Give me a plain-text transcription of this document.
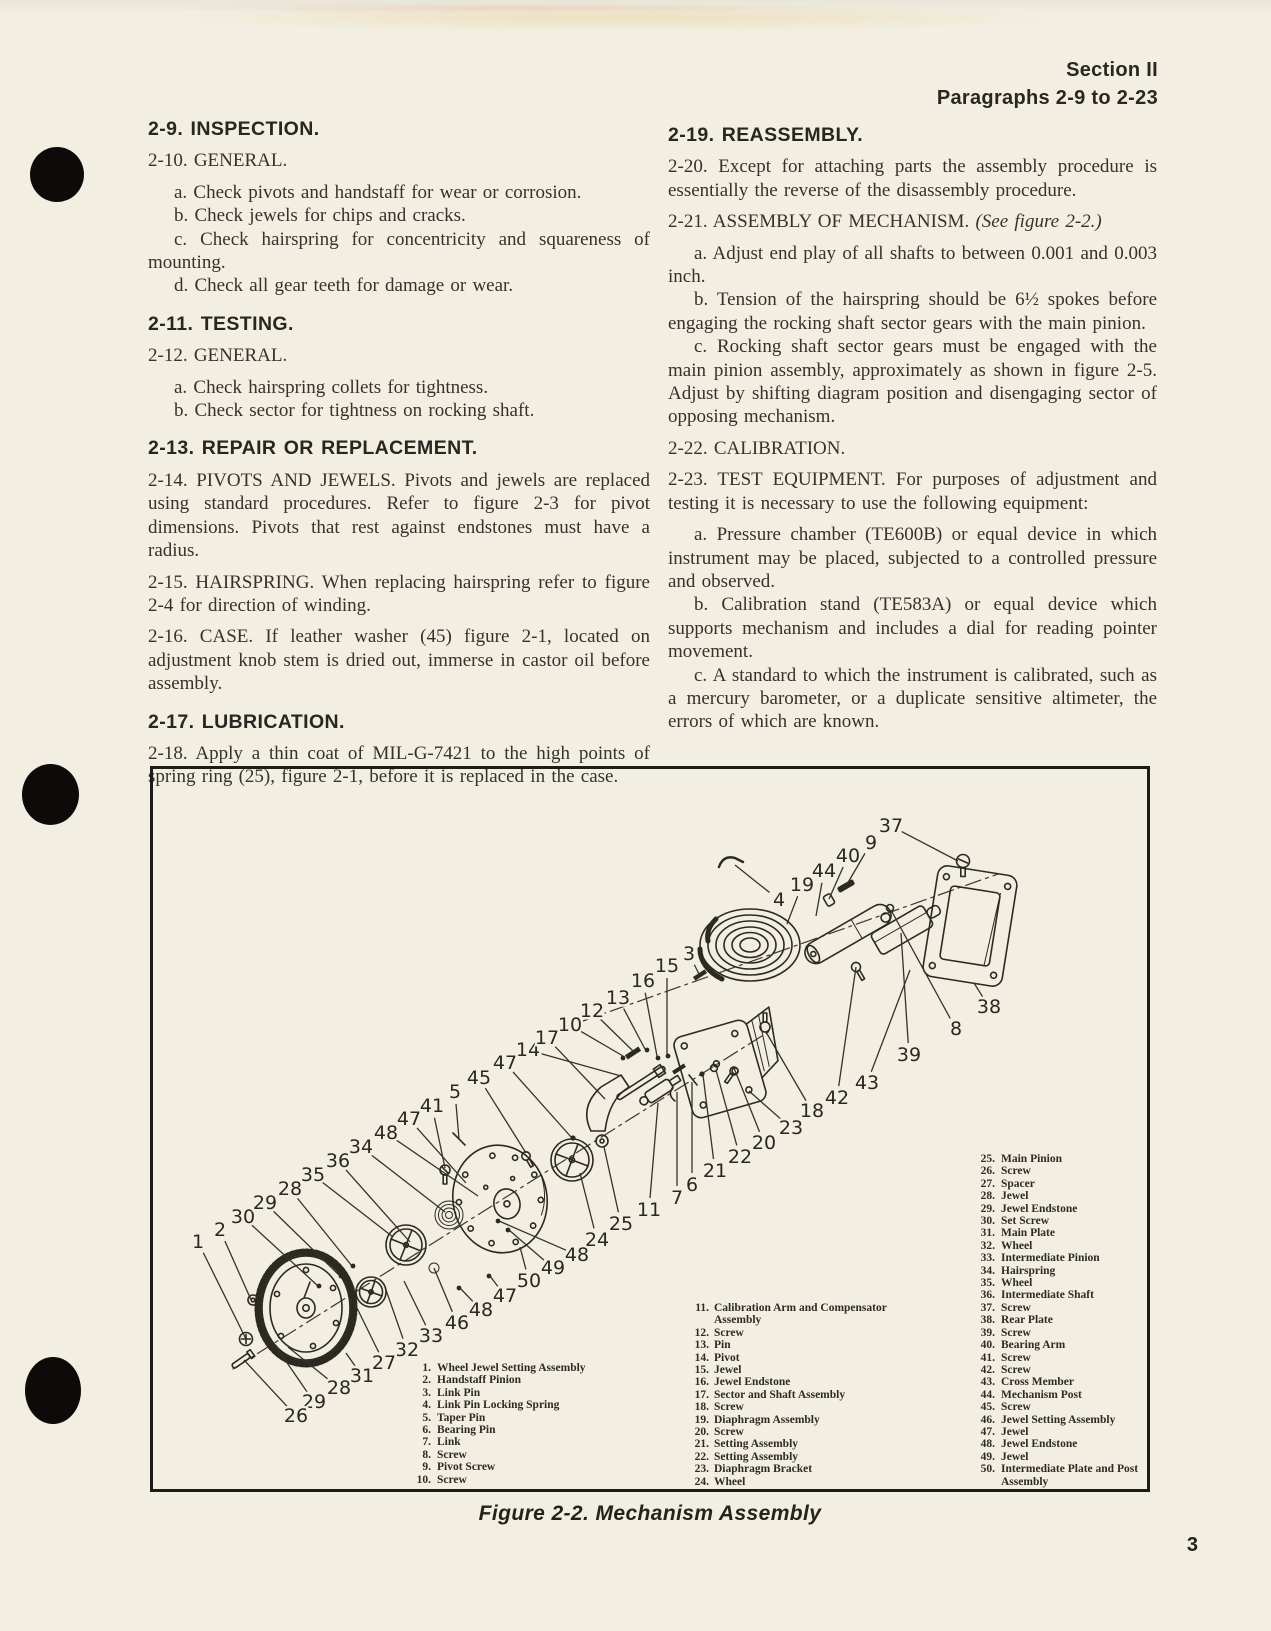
Section II
Paragraphs 2-9 to 2-23
2-9. INSPECTION.
2-10. GENERAL.
a. Check pivots and handstaff for wear or corrosion.
b. Check jewels for chips and cracks.
c. Check hairspring for concentricity and squareness of mounting.
d. Check all gear teeth for damage or wear.
2-11. TESTING.
2-12. GENERAL.
a. Check hairspring collets for tightness.
b. Check sector for tightness on rocking shaft.
2-13. REPAIR OR REPLACEMENT.
2-14. PIVOTS AND JEWELS. Pivots and jewels are replaced using standard procedures. Refer to figure 2-3 for pivot dimensions. Pivots that rest against endstones must have a radius.
2-15. HAIRSPRING. When replacing hairspring refer to figure 2-4 for direction of winding.
2-16. CASE. If leather washer (45) figure 2-1, located on adjustment knob stem is dried out, immerse in castor oil before assembly.
2-17. LUBRICATION.
2-18. Apply a thin coat of MIL-G-7421 to the high points of spring ring (25), figure 2-1, before it is replaced in the case.
2-19. REASSEMBLY.
2-20. Except for attaching parts the assembly procedure is essentially the reverse of the disassembly procedure.
2-21. ASSEMBLY OF MECHANISM. (See figure 2-2.)
a. Adjust end play of all shafts to between 0.001 and 0.003 inch.
b. Tension of the hairspring should be 6½ spokes before engaging the rocking shaft sector gears with the main pinion.
c. Rocking shaft sector gears must be engaged with the main pinion assembly, approximately as shown in figure 2-5. Adjust by shifting diagram position and disengaging sector of opposing mechanism.
2-22. CALIBRATION.
2-23. TEST EQUIPMENT. For purposes of adjustment and testing it is necessary to use the following equipment:
a. Pressure chamber (TE600B) or equal device in which instrument may be placed, subjected to a controlled pressure and observed.
b. Calibration stand (TE583A) or equal device which supports mechanism and includes a dial for reading pointer movement.
c. A standard to which the instrument is calibrated, such as a mercury barometer, or a duplicate sensitive altimeter, the errors of which are known.
1
2
30
29
28
35
36
34
48
47
41
5
45
47
14
17
10
12
13
16
15
3
4
19
44
40
9
37
38
8
39
43
42
18
23
20
22
21
6
7
11
25
24
48
49
50
47
48
46
33
32
27
31
28
29
26
1. Wheel Jewel Setting Assembly
2. Handstaff Pinion
3. Link Pin
4. Link Pin Locking Spring
5. Taper Pin
6. Bearing Pin
7. Link
8. Screw
9. Pivot Screw
10. Screw
11. Calibration Arm and Compensator Assembly
12. Screw
13. Pin
14. Pivot
15. Jewel
16. Jewel Endstone
17. Sector and Shaft Assembly
18. Screw
19. Diaphragm Assembly
20. Screw
21. Setting Assembly
22. Setting Assembly
23. Diaphragm Bracket
24. Wheel
25. Main Pinion
26. Screw
27. Spacer
28. Jewel
29. Jewel Endstone
30. Set Screw
31. Main Plate
32. Wheel
33. Intermediate Pinion
34. Hairspring
35. Wheel
36. Intermediate Shaft
37. Screw
38. Rear Plate
39. Screw
40. Bearing Arm
41. Screw
42. Screw
43. Cross Member
44. Mechanism Post
45. Screw
46. Jewel Setting Assembly
47. Jewel
48. Jewel Endstone
49. Jewel
50. Intermediate Plate and Post Assembly
Figure 2-2. Mechanism Assembly
3
